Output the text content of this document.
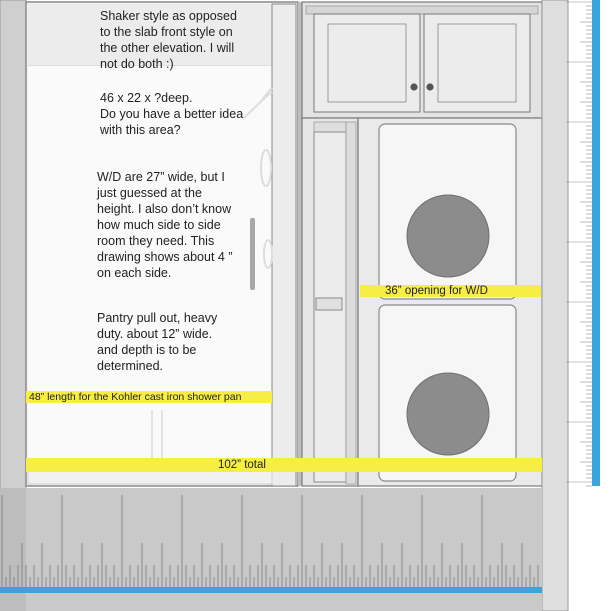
Shaker style as opposed
to the slab front style on
the other elevation. I will
not do both :)

46 x 22 x ?deep.
Do you have a better idea
with this area?

W/D are 27” wide, but I
just guessed at the
height. I also don’t know
how much side to side
room they need. This
drawing shows about 4 ”
on each side.

Pantry pull out, heavy
duty. about 12” wide.
and depth is to be
determined.

36” opening for W/D
48” length for the Kohler cast iron shower pan
102” total
